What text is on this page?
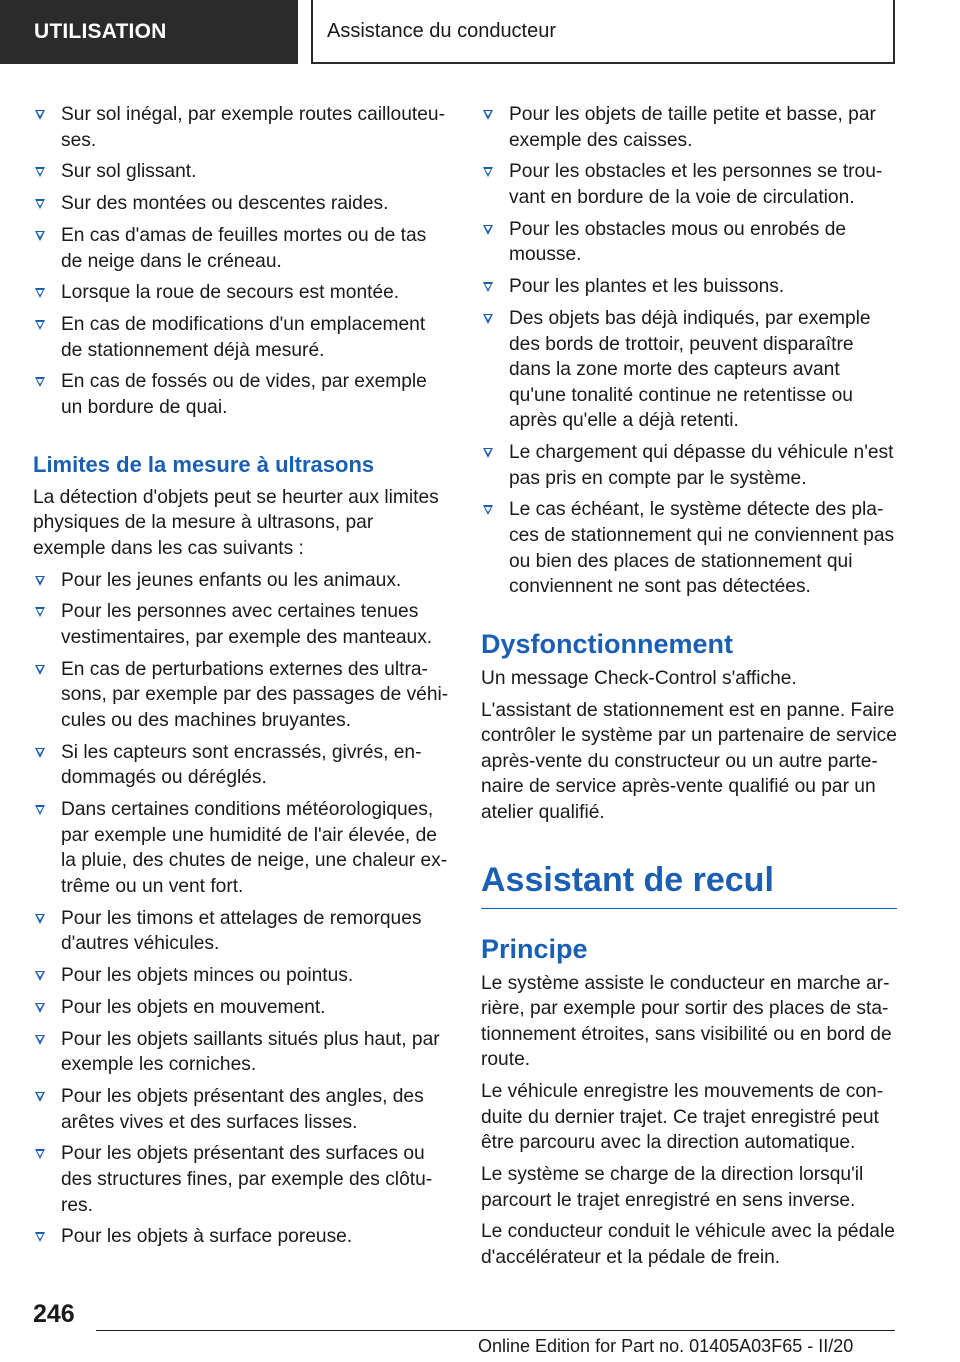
UTILISATION	Assistance du conducteur
Sur sol inégal, par exemple routes caillouteu-ses.
Sur sol glissant.
Sur des montées ou descentes raides.
En cas d'amas de feuilles mortes ou de tas de neige dans le créneau.
Lorsque la roue de secours est montée.
En cas de modifications d'un emplacement de stationnement déjà mesuré.
En cas de fossés ou de vides, par exemple un bordure de quai.
Limites de la mesure à ultrasons

La détection d'objets peut se heurter aux limites physiques de la mesure à ultrasons, par exemple dans les cas suivants :

Pour les jeunes enfants ou les animaux.
Pour les personnes avec certaines tenues vestimentaires, par exemple des manteaux.
En cas de perturbations externes des ultra-sons, par exemple par des passages de véhi-cules ou des machines bruyantes.
Si les capteurs sont encrassés, givrés, en-dommagés ou déréglés.
Dans certaines conditions météorologiques, par exemple une humidité de l'air élevée, de la pluie, des chutes de neige, une chaleur ex-trême ou un vent fort.
Pour les timons et attelages de remorques d'autres véhicules.
Pour les objets minces ou pointus.
Pour les objets en mouvement.
Pour les objets saillants situés plus haut, par exemple les corniches.
Pour les objets présentant des angles, des arêtes vives et des surfaces lisses.
Pour les objets présentant des surfaces ou des structures fines, par exemple des clôtu-res.
Pour les objets à surface poreuse.
Pour les objets de taille petite et basse, par exemple des caisses.
Pour les obstacles et les personnes se trou-vant en bordure de la voie de circulation.
Pour les obstacles mous ou enrobés de mousse.
Pour les plantes et les buissons.
Des objets bas déjà indiqués, par exemple des bords de trottoir, peuvent disparaître dans la zone morte des capteurs avant qu'une tonalité continue ne retentisse ou après qu'elle a déjà retenti.
Le chargement qui dépasse du véhicule n'est pas pris en compte par le système.
Le cas échéant, le système détecte des pla-ces de stationnement qui ne conviennent pas ou bien des places de stationnement qui conviennent ne sont pas détectées.
Dysfonctionnement

Un message Check-Control s'affiche.

L'assistant de stationnement est en panne. Faire contrôler le système par un partenaire de service après-vente du constructeur ou un autre parte-naire de service après-vente qualifié ou par un atelier qualifié.

Assistant de recul
Principe

Le système assiste le conducteur en marche ar-rière, par exemple pour sortir des places de sta-tionnement étroites, sans visibilité ou en bord de route.

Le véhicule enregistre les mouvements de con-duite du dernier trajet. Ce trajet enregistré peut être parcouru avec la direction automatique.

Le système se charge de la direction lorsqu'il parcourt le trajet enregistré en sens inverse.

Le conducteur conduit le véhicule avec la pédale d'accélérateur et la pédale de frein.

246
Online Edition for Part no. 01405A03F65 - II/20
